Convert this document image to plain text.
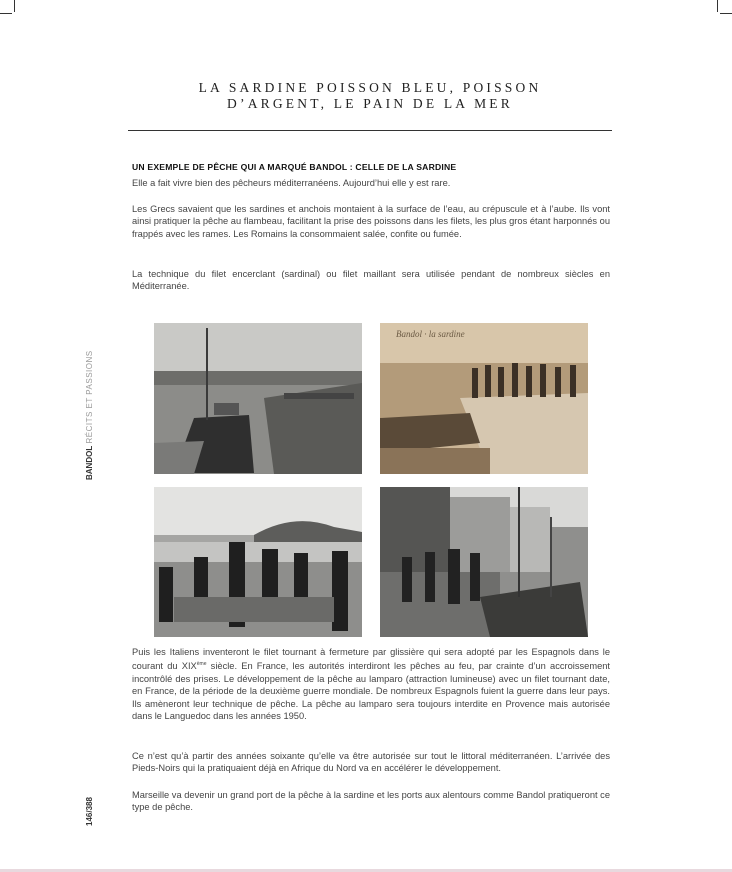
LA SARDINE POISSON BLEU, POISSON
D’ARGENT, LE PAIN DE LA MER
BANDOL RÉCITS ET PASSIONS
146/388
UN EXEMPLE DE PÊCHE QUI A MARQUÉ BANDOL : CELLE DE LA SARDINE

Elle a fait vivre bien des pêcheurs méditerranéens. Aujourd’hui elle y est rare.

Les Grecs savaient que les sardines et anchois montaient à la surface de l’eau, au crépuscule et à l’aube. Ils vont ainsi pratiquer la pêche au flambeau, facilitant la prise des poissons dans les filets, les plus gros étant harponnés ou frappés avec les rames. Les Romains la consommaient salée, confite ou fumée.

La technique du filet encerclant (sardinal) ou filet maillant sera utilisée pendant de nombreux siècles en Méditerranée.

Bandol · la sardine

Puis les Italiens inventeront le filet tournant à fermeture par glissière qui sera adopté par les Espagnols dans le courant du XIXème siècle. En France, les autorités interdiront les pêches au feu, par crainte d’un accroissement incontrôlé des prises. Le développement de la pêche au lamparo (attraction lumineuse) avec un filet tournant date, en France, de la période de la deuxième guerre mondiale. De nombreux Espagnols fuient la guerre dans leur pays. Ils amèneront leur technique de pêche. La pêche au lamparo sera toujours interdite en Provence mais autorisée dans le Languedoc dans les années 1950.

Ce n’est qu’à partir des années soixante qu’elle va être autorisée sur tout le littoral méditerranéen. L’arrivée des Pieds-Noirs qui la pratiquaient déjà en Afrique du Nord va en accélérer le développement.

Marseille va devenir un grand port de la pêche à la sardine et les ports aux alentours comme Bandol pratiqueront ce type de pêche.
